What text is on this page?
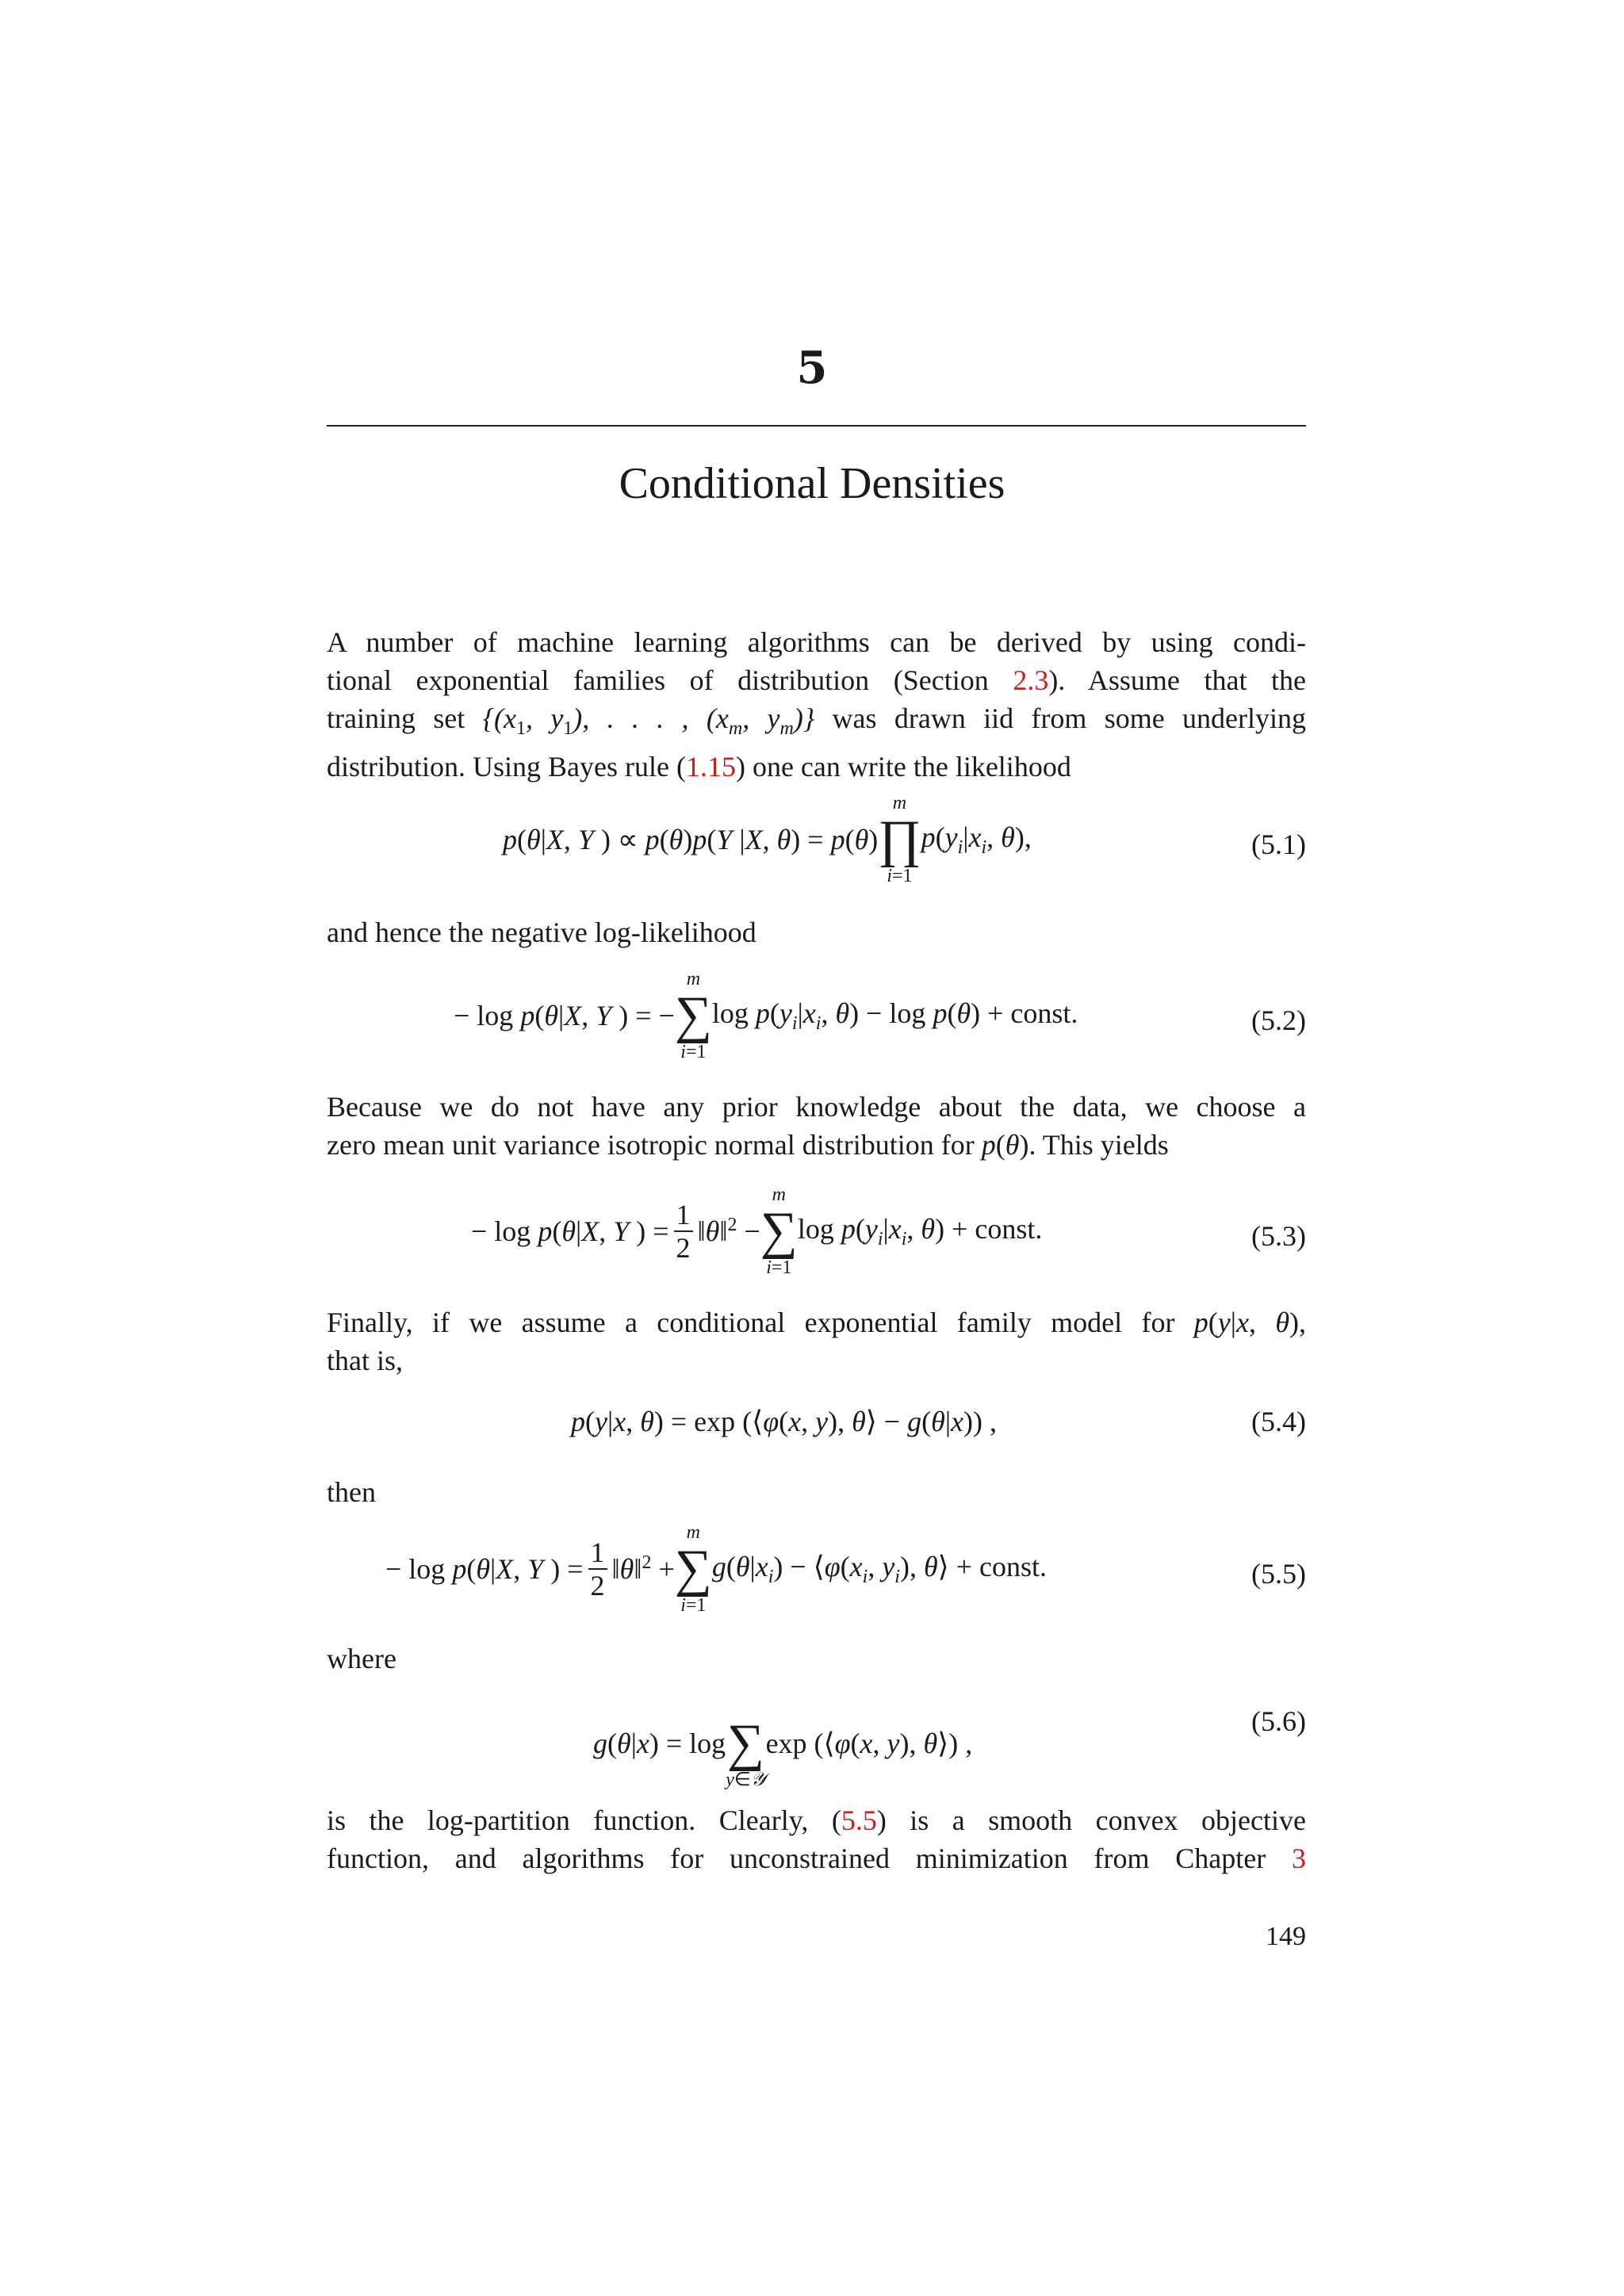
5
Conditional Densities
A number of machine learning algorithms can be derived by using condi-
tional exponential families of distribution (Section 2.3). Assume that the
training set {($x_1$, $y_1$), . . . , ($x_m$, $y_m$)} was drawn iid from some underlying
distribution. Using Bayes rule (1.15) one can write the likelihood
p(θ|X, Y ) ∝ p(θ)p(Y |X, θ) = p(θ)
m
∏
i=1
$p(y_i|x_i$, θ),	(5.1)
and hence the negative log-likelihood
− log p(θ|X, Y ) = −
m
∑
i=1
$\log p(y_i|x_i$, θ) − log p(θ) + const.	(5.2)
Because we do not have any prior knowledge about the data, we choose a
zero mean unit variance isotropic normal distribution for p(θ). This yields
− log p(θ|X, Y ) = $\frac{1}{2}$ ‖θ‖$^2$ −
m
∑
i=1
$\log p(y_i|x_i$, θ) + const.	(5.3)
Finally, if we assume a conditional exponential family model for p(y|x, θ),
that is,
p(y|x, θ) = exp (⟨φ(x, y), θ⟩ − g(θ|x)) ,	(5.4)
then
− log p(θ|X, Y ) = $\frac{1}{2}$ ‖θ‖$^2$ +
m
∑
i=1
$g(\theta|x_i)$ − $⟨\varphi(x_i$, $y_i$), θ⟩ + const.	(5.5)
where
g(θ|x) = log
∑
y∈𝒴
exp (⟨φ(x, y), θ⟩) ,
(5.6)
is the log-partition function. Clearly, (5.5) is a smooth convex objective
function, and algorithms for unconstrained minimization from Chapter 3
149
